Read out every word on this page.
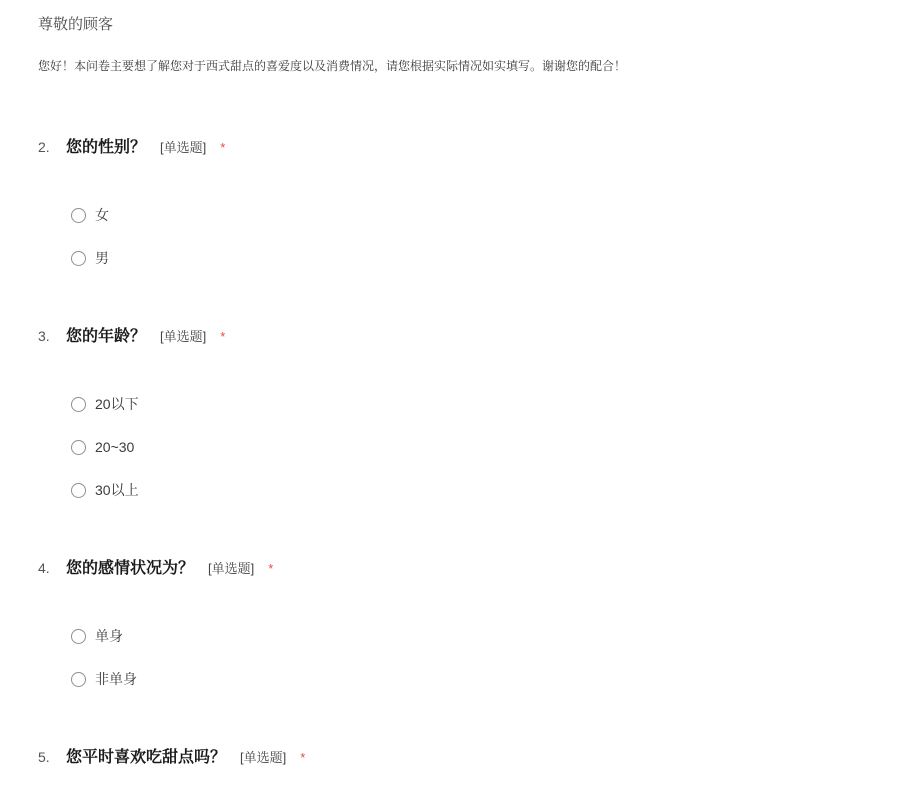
尊敬的顾客
您好！本问卷主要想了解您对于西式甜点的喜爱度以及消费情况，请您根据实际情况如实填写。谢谢您的配合！
2.	您的性别？ [单选题] *
女
男
3.	您的年龄？ [单选题] *
20以下
20~30
30以上
4.	您的感情状况为？ [单选题] *
单身
非单身
5.	您平时喜欢吃甜点吗？ [单选题] *
